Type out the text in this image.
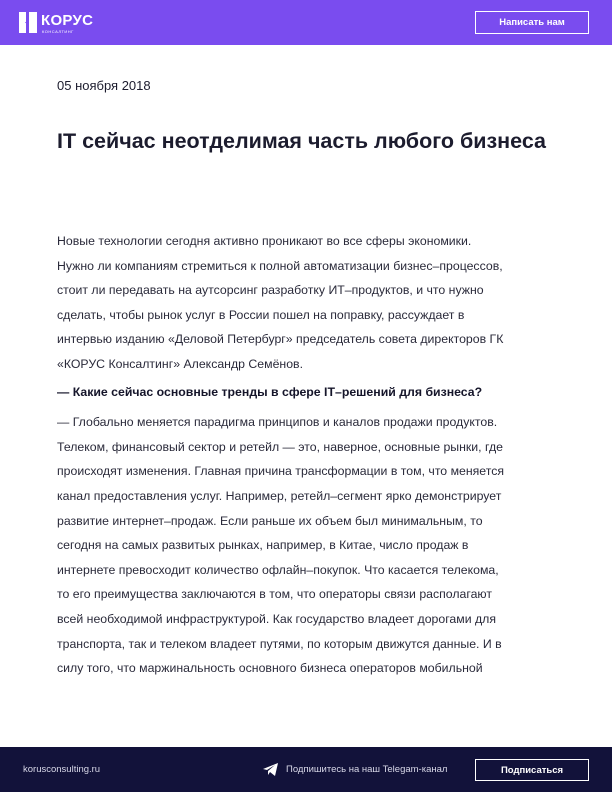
КОРУС
КОНСАЛТИНГ
Написать нам
05 ноября 2018
IT сейчас неотделимая часть любого бизнеса
Новые технологии сегодня активно проникают во все сферы экономики.
Нужно ли компаниям стремиться к полной автоматизации бизнес–процессов,
стоит ли передавать на аутсорсинг разработку ИТ–продуктов, и что нужно
сделать, чтобы рынок услуг в России пошел на поправку, рассуждает в
интервью изданию «Деловой Петербург» председатель совета директоров ГК
«КОРУС Консалтинг» Александр Семёнов.
— Какие сейчас основные тренды в сфере IT–решений для бизнеса?
— Глобально меняется парадигма принципов и каналов продажи продуктов.
Телеком, финансовый сектор и ретейл — это, наверное, основные рынки, где
происходят изменения. Главная причина трансформации в том, что меняется
канал предоставления услуг. Например, ретейл–сегмент ярко демонстрирует
развитие интернет–продаж. Если раньше их объем был минимальным, то
сегодня на самых развитых рынках, например, в Китае, число продаж в
интернете превосходит количество офлайн–покупок. Что касается телекома,
то его преимущества заключаются в том, что операторы связи располагают
всей необходимой инфраструктурой. Как государство владеет дорогами для
транспорта, так и телеком владеет путями, по которым движутся данные. И в
силу того, что маржинальность основного бизнеса операторов мобильной
korusconsulting.ru	Подпишитесь на наш Telegam-канал	Подписаться
